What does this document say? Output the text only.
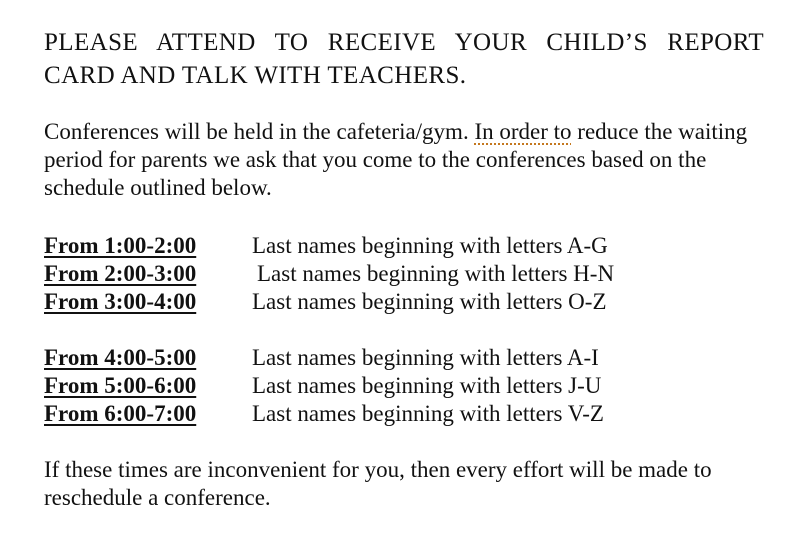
PLEASE ATTEND TO RECEIVE YOUR CHILD’S REPORT CARD AND TALK WITH TEACHERS.
Conferences will be held in the cafeteria/gym. In order to reduce the waiting period for parents we ask that you come to the conferences based on the schedule outlined below.
From 1:00-2:00	Last names beginning with letters A-G
From 2:00-3:00	Last names beginning with letters H-N
From 3:00-4:00	Last names beginning with letters O-Z
From 4:00-5:00	Last names beginning with letters A-I
From 5:00-6:00	Last names beginning with letters J-U
From 6:00-7:00	Last names beginning with letters V-Z
If these times are inconvenient for you, then every effort will be made to reschedule a conference.
